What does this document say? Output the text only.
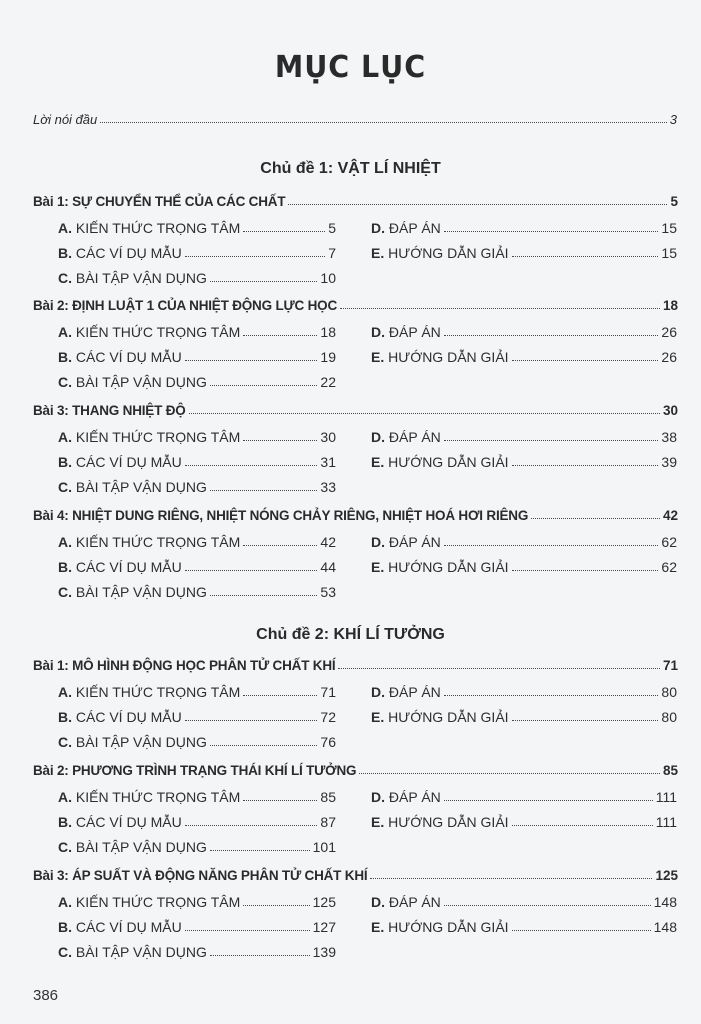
MỤC LỤC
Lời nói đầu	3
Chủ đề 1: VẬT LÍ NHIỆT
Bài 1: SỰ CHUYỂN THỂ CỦA CÁC CHẤT	5
A. KIẾN THỨC TRỌNG TÂM	5
B. CÁC VÍ DỤ MẪU	7
C. BÀI TẬP VẬN DỤNG	10
D. ĐÁP ÁN	15
E. HƯỚNG DẪN GIẢI	15
Bài 2: ĐỊNH LUẬT 1 CỦA NHIỆT ĐỘNG LỰC HỌC	18
A. KIẾN THỨC TRỌNG TÂM	18
B. CÁC VÍ DỤ MẪU	19
C. BÀI TẬP VẬN DỤNG	22
D. ĐÁP ÁN	26
E. HƯỚNG DẪN GIẢI	26
Bài 3: THANG NHIỆT ĐỘ	30
A. KIẾN THỨC TRỌNG TÂM	30
B. CÁC VÍ DỤ MẪU	31
C. BÀI TẬP VẬN DỤNG	33
D. ĐÁP ÁN	38
E. HƯỚNG DẪN GIẢI	39
Bài 4: NHIỆT DUNG RIÊNG, NHIỆT NÓNG CHẢY RIÊNG, NHIỆT HOÁ HƠI RIÊNG	42
A. KIẾN THỨC TRỌNG TÂM	42
B. CÁC VÍ DỤ MẪU	44
C. BÀI TẬP VẬN DỤNG	53
D. ĐÁP ÁN	62
E. HƯỚNG DẪN GIẢI	62
Bài 1: MÔ HÌNH ĐỘNG HỌC PHÂN TỬ CHẤT KHÍ	71
A. KIẾN THỨC TRỌNG TÂM	71
B. CÁC VÍ DỤ MẪU	72
C. BÀI TẬP VẬN DỤNG	76
D. ĐÁP ÁN	80
E. HƯỚNG DẪN GIẢI	80
Bài 2: PHƯƠNG TRÌNH TRẠNG THÁI KHÍ LÍ TƯỞNG	85
A. KIẾN THỨC TRỌNG TÂM	85
B. CÁC VÍ DỤ MẪU	87
C. BÀI TẬP VẬN DỤNG	101
D. ĐÁP ÁN	111
E. HƯỚNG DẪN GIẢI	111
Bài 3: ÁP SUẤT VÀ ĐỘNG NĂNG PHÂN TỬ CHẤT KHÍ	125
A. KIẾN THỨC TRỌNG TÂM	125
B. CÁC VÍ DỤ MẪU	127
C. BÀI TẬP VẬN DỤNG	139
D. ĐÁP ÁN	148
E. HƯỚNG DẪN GIẢI	148
Chủ đề 2: KHÍ LÍ TƯỞNG
386
